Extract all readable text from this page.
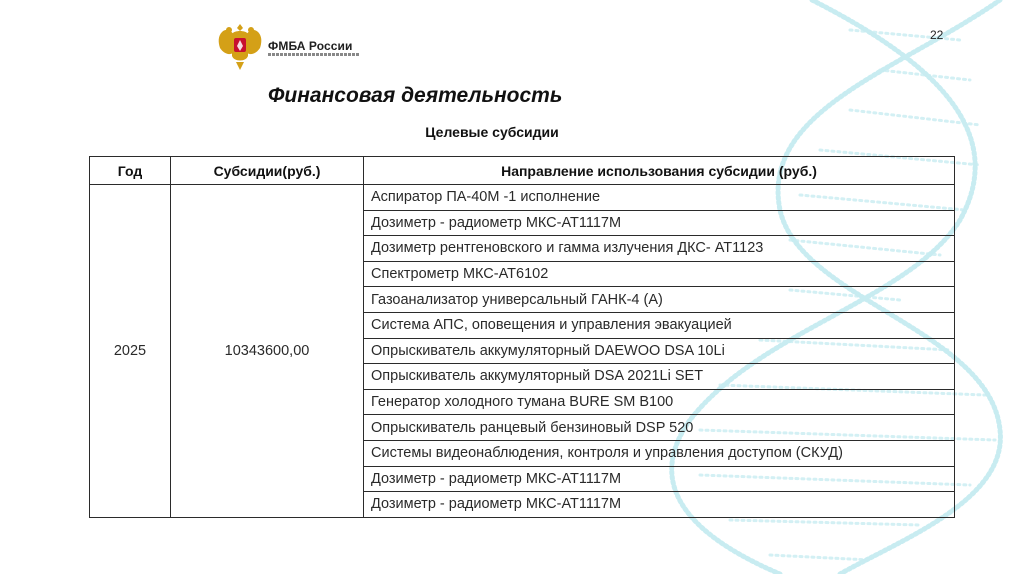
ФМБА России
22
Финансовая деятельность
Целевые субсидии
Год	Субсидии(руб.)	Направление использования субсидии (руб.)
2025	10343600,00	Аспиратор ПА-40М -1 исполнение
		Дозиметр - радиометр МКС-АТ1117М
		Дозиметр рентгеновского и гамма излучения ДКС- АТ1123
		Спектрометр МКС-АТ6102
		Газоанализатор универсальный ГАНК-4 (А)
		Система АПС, оповещения и управления эвакуацией
		Опрыскиватель аккумуляторный DAEWOO DSA 10Li
		Опрыскиватель аккумуляторный DSA 2021Li SET
		Генератор холодного тумана BURE SM B100
		Опрыскиватель ранцевый бензиновый DSP 520
		Системы видеонаблюдения, контроля и управления доступом (СКУД)
		Дозиметр - радиометр МКС-АТ1117М
		Дозиметр - радиометр МКС-АТ1117М
